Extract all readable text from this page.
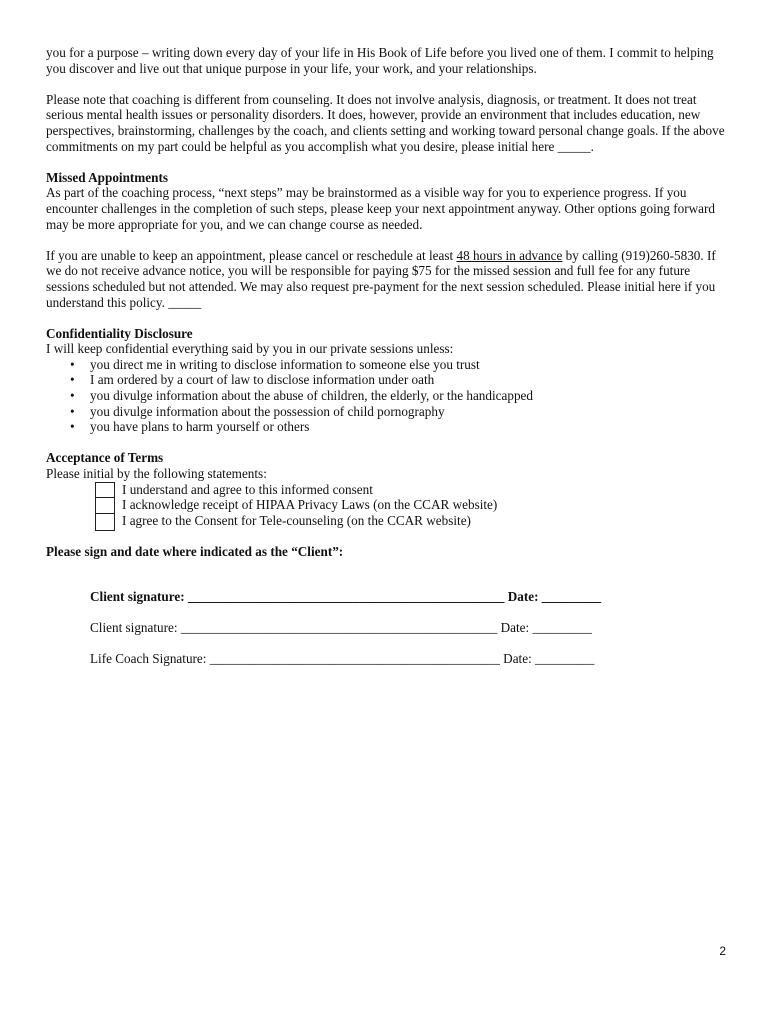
you for a purpose – writing down every day of your life in His Book of Life before you lived one of them. I commit to helping you discover and live out that unique purpose in your life, your work, and your relationships.

Please note that coaching is different from counseling. It does not involve analysis, diagnosis, or treatment. It does not treat serious mental health issues or personality disorders. It does, however, provide an environment that includes education, new perspectives, brainstorming, challenges by the coach, and clients setting and working toward personal change goals. If the above commitments on my part could be helpful as you accomplish what you desire, please initial here _____.

Missed Appointments

As part of the coaching process, “next steps” may be brainstormed as a visible way for you to experience progress. If you encounter challenges in the completion of such steps, please keep your next appointment anyway. Other options going forward may be more appropriate for you, and we can change course as needed.

If you are unable to keep an appointment, please cancel or reschedule at least 48 hours in advance by calling (919)260-5830. If we do not receive advance notice, you will be responsible for paying $75 for the missed session and full fee for any future sessions scheduled but not attended. We may also request pre-payment for the next session scheduled. Please initial here if you understand this policy. _____

Confidentiality Disclosure
I will keep confidential everything said by you in our private sessions unless:
• you direct me in writing to disclose information to someone else you trust
• I am ordered by a court of law to disclose information under oath
• you divulge information about the abuse of children, the elderly, or the handicapped
• you divulge information about the possession of child pornography
• you have plans to harm yourself or others
Acceptance of Terms
Please initial by the following statements:
I understand and agree to this informed consent
I acknowledge receipt of HIPAA Privacy Laws (on the CCAR website)
I agree to the Consent for Tele-counseling (on the CCAR website)
Please sign and date where indicated as the “Client”:
Client signature: ________________________________________________ Date: _________
Client signature: ________________________________________________ Date: _________
Life Coach Signature: ____________________________________________ Date: _________
2
